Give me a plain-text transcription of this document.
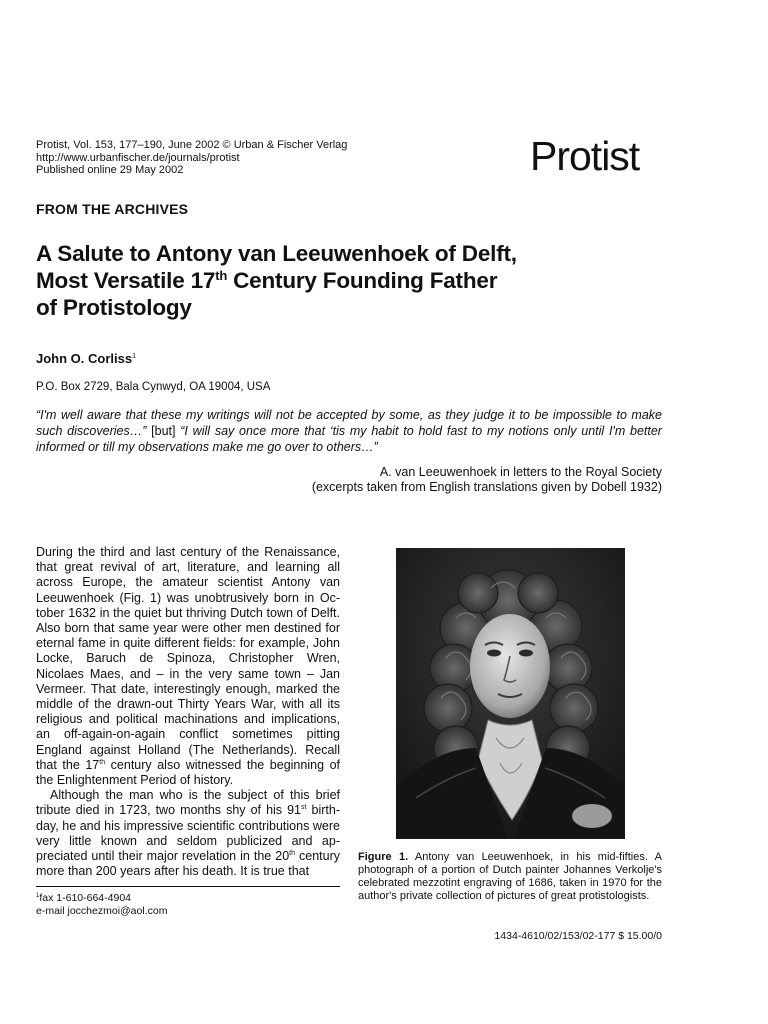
Protist, Vol. 153, 177–190, June 2002 © Urban & Fischer Verlag
http://www.urbanfischer.de/journals/protist
Published online 29 May 2002	Protist
FROM THE ARCHIVES
A Salute to Antony van Leeuwenhoek of Delft,
Most Versatile 17th Century Founding Father
of Protistology
John O. Corliss$^1$
P.O. Box 2729, Bala Cynwyd, OA 19004, USA
“I'm well aware that these my writings will not be accepted by some, as they judge it to be impossible to make such discoveries…” [but] “I will say once more that ‘tis my habit to hold fast to my notions only until I'm better informed or till my observations make me go over to others…”
A. van Leeuwenhoek in letters to the Royal Society
(excerpts taken from English translations given by Dobell 1932)

During the third and last century of the Renaissance, that great revival of art, literature, and learning all across Europe, the amateur scientist Antony van Leeuwenhoek (Fig. 1) was unobtrusively born in October 1632 in the quiet but thriving Dutch town of Delft. Also born that same year were other men destined for eternal fame in quite different fields: for example, John Locke, Baruch de Spinoza, Christopher Wren, Nicolaes Maes, and – in the very same town – Jan Vermeer. That date, interestingly enough, marked the middle of the drawn-out Thirty Years War, with all its religious and political machinations and implications, an off-again-on-again conflict sometimes pitting England against Holland (The Netherlands). Recall that the 17th century also witnessed the beginning of the Enlightenment Period of history.

Although the man who is the subject of this brief tribute died in 1723, two months shy of his 91st birthday, he and his impressive scientific contributions were very little known and seldom publicized and appreciated until their major revelation in the 20th century more than 200 years after his death. It is true that

$^1$fax 1-610-664-4904
e-mail jocchezmoi@aol.com
Figure 1. Antony van Leeuwenhoek, in his mid-fifties. A photograph of a portion of Dutch painter Johannes Verkolje's celebrated mezzotint engraving of 1686, taken in 1970 for the author's private collection of pictures of great protistologists.
1434-4610/02/153/02-177 $ 15.00/0
